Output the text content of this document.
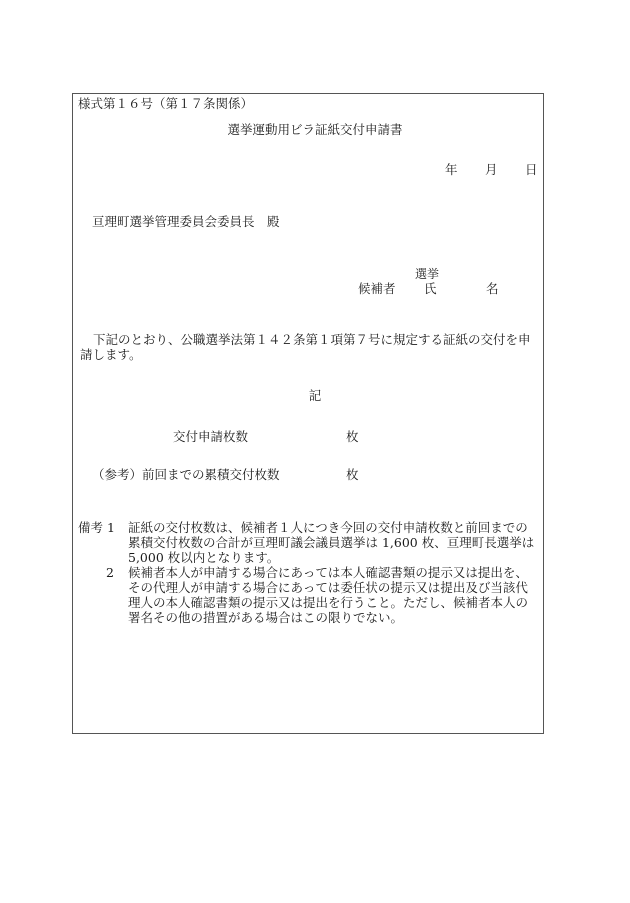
様式第１６号（第１７条関係）
選挙運動用ビラ証紙交付申請書
年 月 日
亘理町選挙管理委員会委員長　殿
選挙
候補者 氏	名
下記のとおり、公職選挙法第１４２条第１項第７号に規定する証紙の交付を申請します。
記
交付申請枚数	枚
（参考）前回までの累積交付枚数	枚
備考 1	証紙の交付枚数は、候補者１人につき今回の交付申請枚数と前回までの累積交付枚数の合計が亘理町議会議員選挙は 1,600 枚、亘理町長選挙は 5,000 枚以内となります。
2	候補者本人が申請する場合にあっては本人確認書類の提示又は提出を、その代理人が申請する場合にあっては委任状の提示又は提出及び当該代理人の本人確認書類の提示又は提出を行うこと。ただし、候補者本人の署名その他の措置がある場合はこの限りでない。
